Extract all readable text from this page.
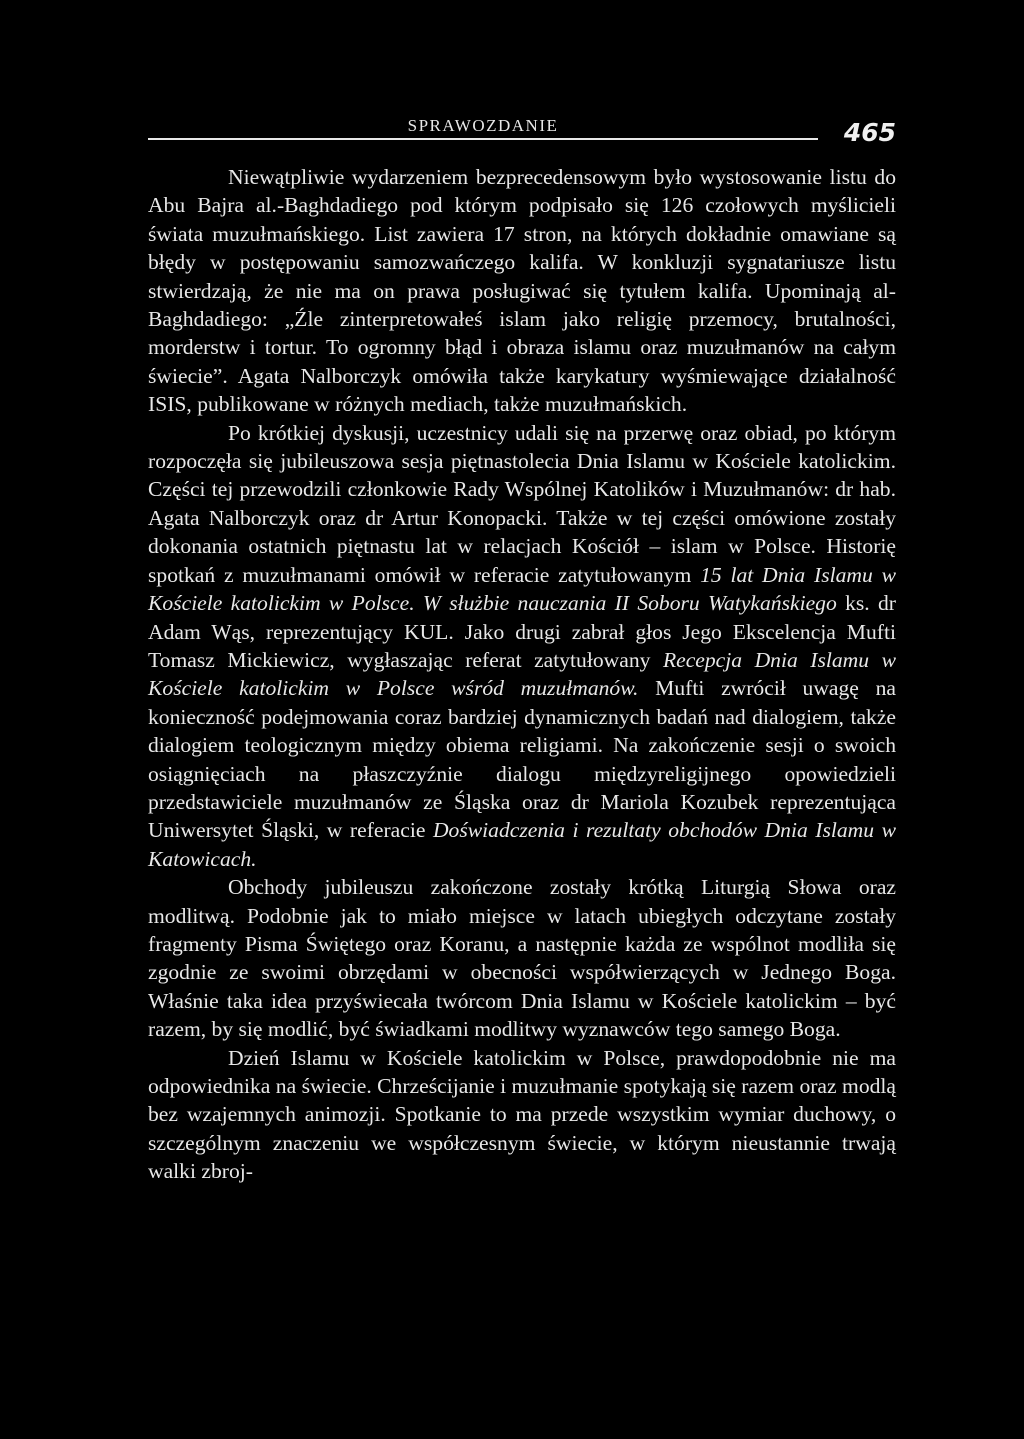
SPRAWOZDANIE	465

Niewątpliwie wydarzeniem bezprecedensowym było wystosowanie listu do Abu Bajra al.-Baghdadiego pod którym podpisało się 126 czołowych myślicieli świata muzułmańskiego. List zawiera 17 stron, na których dokładnie omawiane są błędy w postępowaniu samozwańczego kalifa. W konkluzji sygnatariusze listu stwierdzają, że nie ma on prawa posługiwać się tytułem kalifa. Upominają al-Baghdadiego: „Źle zinterpretowałeś islam jako religię przemocy, brutalności, morderstw i tortur. To ogromny błąd i obraza islamu oraz muzułmanów na całym świecie”. Agata Nalborczyk omówiła także karykatury wyśmiewające działalność ISIS, publikowane w różnych mediach, także muzułmańskich.

Po krótkiej dyskusji, uczestnicy udali się na przerwę oraz obiad, po którym rozpoczęła się jubileuszowa sesja piętnastolecia Dnia Islamu w Kościele katolickim. Części tej przewodzili członkowie Rady Wspólnej Katolików i Muzułmanów: dr hab. Agata Nalborczyk oraz dr Artur Konopacki. Także w tej części omówione zostały dokonania ostatnich piętnastu lat w relacjach Kościół – islam w Polsce. Historię spotkań z muzułmanami omówił w referacie zatytułowanym 15 lat Dnia Islamu w Kościele katolickim w Polsce. W służbie nauczania II Soboru Watykańskiego ks. dr Adam Wąs, reprezentujący KUL. Jako drugi zabrał głos Jego Ekscelencja Mufti Tomasz Mickiewicz, wygłaszając referat zatytułowany Recepcja Dnia Islamu w Kościele katolickim w Polsce wśród muzułmanów. Mufti zwrócił uwagę na konieczność podejmowania coraz bardziej dynamicznych badań nad dialogiem, także dialogiem teologicznym między obiema religiami. Na zakończenie sesji o swoich osiągnięciach na płaszczyźnie dialogu międzyreligijnego opowiedzieli przedstawiciele muzułmanów ze Śląska oraz dr Mariola Kozubek reprezentująca Uniwersytet Śląski, w referacie Doświadczenia i rezultaty obchodów Dnia Islamu w Katowicach.

Obchody jubileuszu zakończone zostały krótką Liturgią Słowa oraz modlitwą. Podobnie jak to miało miejsce w latach ubiegłych odczytane zostały fragmenty Pisma Świętego oraz Koranu, a następnie każda ze wspólnot modliła się zgodnie ze swoimi obrzędami w obecności współwierzących w Jednego Boga. Właśnie taka idea przyświecała twórcom Dnia Islamu w Kościele katolickim – być razem, by się modlić, być świadkami modlitwy wyznawców tego samego Boga.

Dzień Islamu w Kościele katolickim w Polsce, prawdopodobnie nie ma odpowiednika na świecie. Chrześcijanie i muzułmanie spotykają się razem oraz modlą bez wzajemnych animozji. Spotkanie to ma przede wszystkim wymiar duchowy, o szczególnym znaczeniu we współczesnym świecie, w którym nieustannie trwają walki zbroj-
